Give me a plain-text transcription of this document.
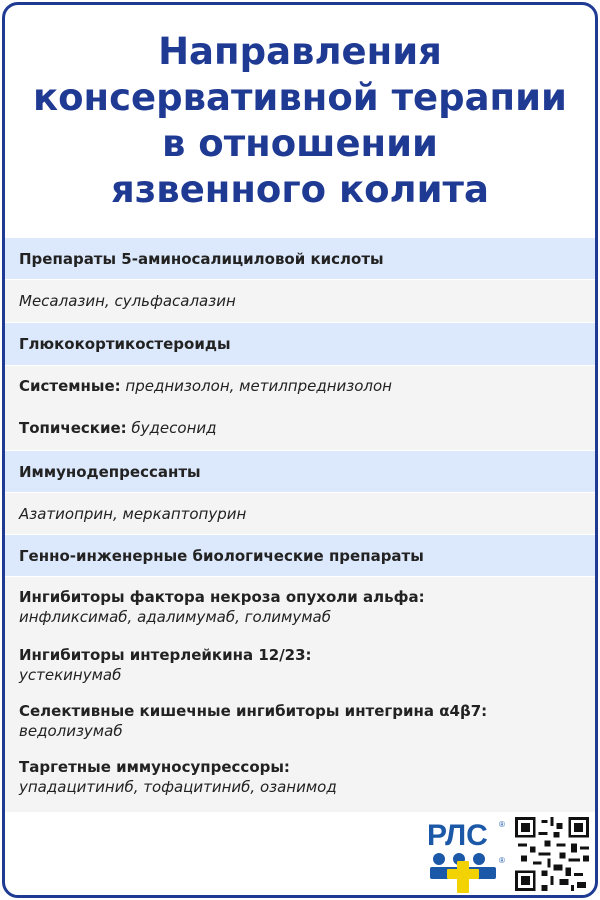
Направления
консервативной терапии
в отношении
язвенного колита
Препараты 5-аминосалициловой кислоты
Месалазин, сульфасалазин
Глюкокортикостероиды
Системные: преднизолон, метилпреднизолон
Топические: будесонид
Иммунодепрессанты
Азатиоприн, меркаптопурин
Генно-инженерные биологические препараты
Ингибиторы фактора некроза опухоли альфа:
инфликсимаб, адалимумаб, голимумаб
Ингибиторы интерлейкина 12/23:
устекинумаб
Селективные кишечные ингибиторы интегрина α4β7:
ведолизумаб
Таргетные иммуносупрессоры:
упадацитиниб, тофацитиниб, озанимод
РЛС ®
®
